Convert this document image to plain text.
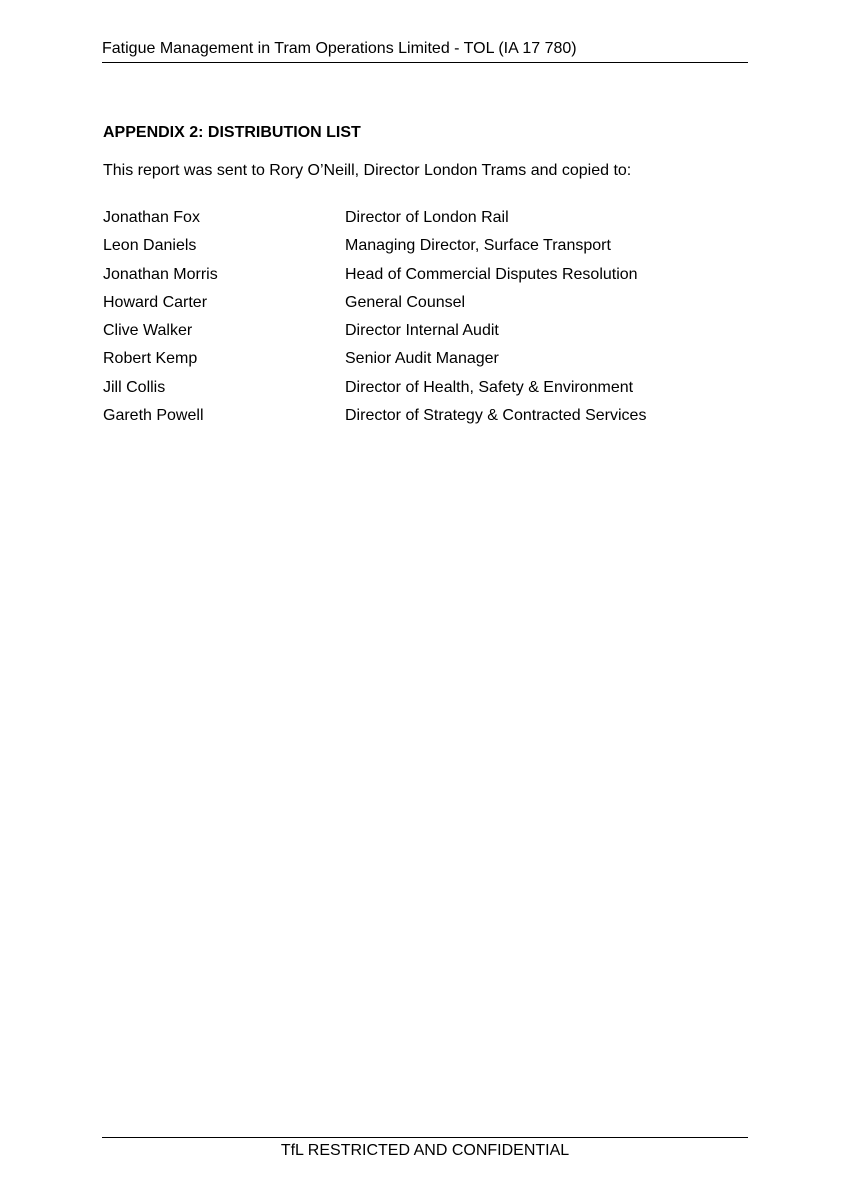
Fatigue Management in Tram Operations Limited - TOL (IA 17 780)
APPENDIX 2: DISTRIBUTION LIST
This report was sent to Rory O’Neill, Director London Trams and copied to:
Jonathan Fox	Director of London Rail
Leon Daniels	Managing Director, Surface Transport
Jonathan Morris	Head of Commercial Disputes Resolution
Howard Carter	General Counsel
Clive Walker	Director Internal Audit
Robert Kemp	Senior Audit Manager
Jill Collis	Director of Health, Safety & Environment
Gareth Powell	Director of Strategy & Contracted Services
TfL RESTRICTED AND CONFIDENTIAL
